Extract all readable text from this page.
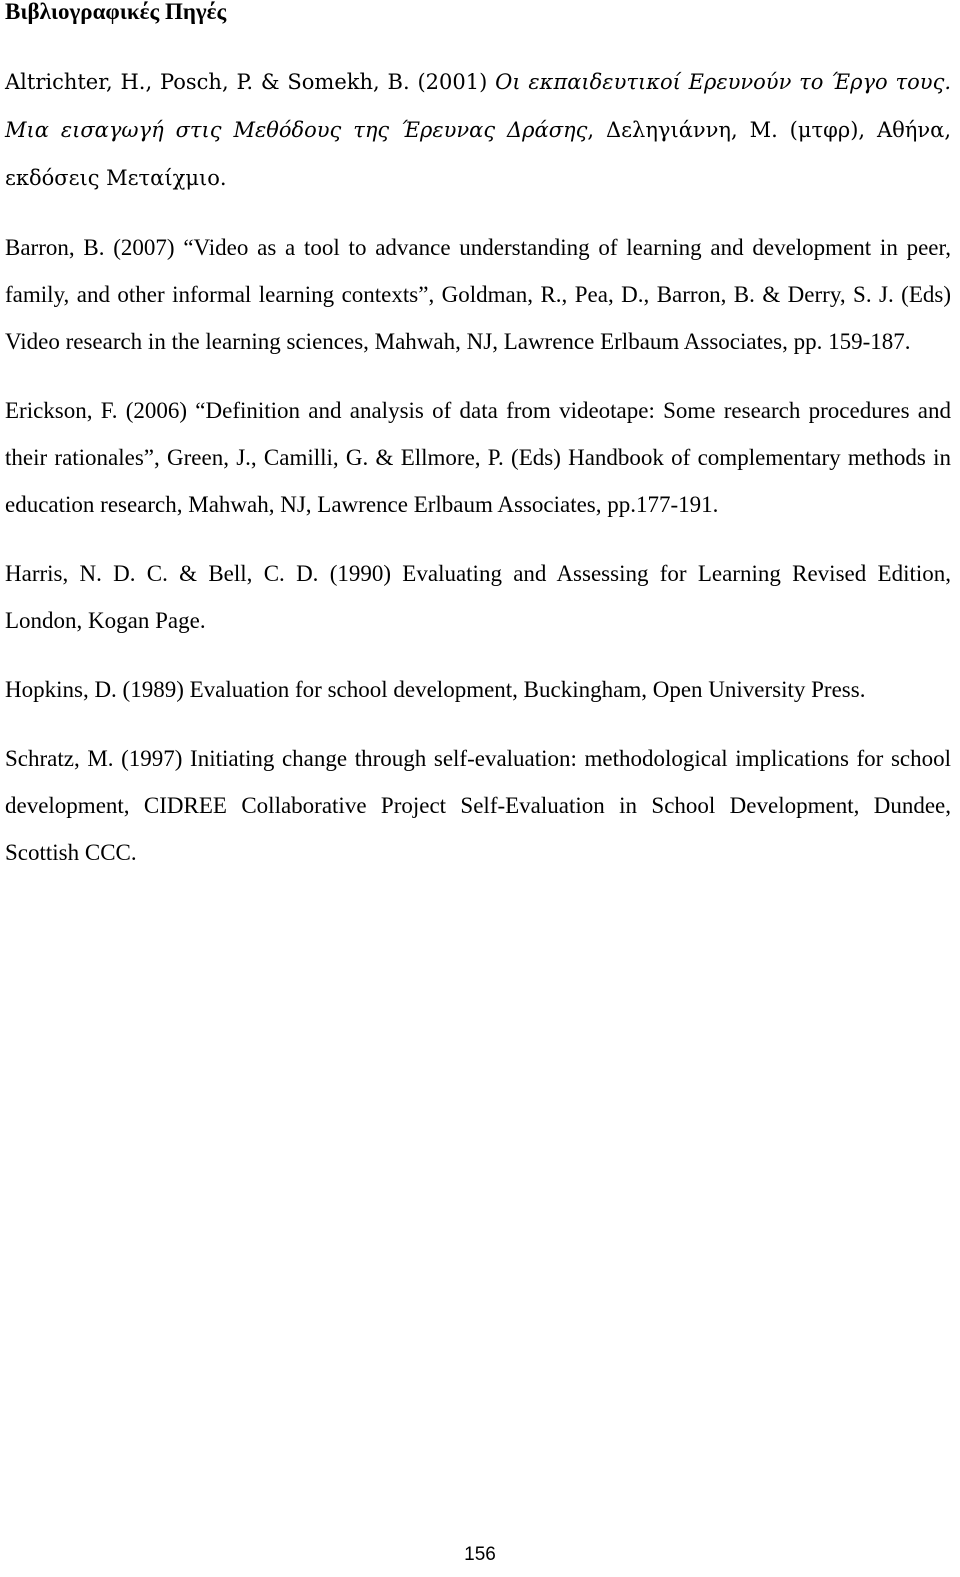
Βιβλιογραφικές Πηγές

Altrichter, H., Posch, P. & Somekh, B. (2001) Οι εκπαιδευτικοί Ερευνούν το Έργο τους. Μια εισαγωγή στις Μεθόδους της Έρευνας Δράσης, Δεληγιάννη, Μ. (μτφρ), Αθήνα, εκδόσεις Μεταίχμιο.

Barron, B. (2007) “Video as a tool to advance understanding of learning and development in peer, family, and other informal learning contexts”, Goldman, R., Pea, D., Barron, B. & Derry, S. J. (Eds) Video research in the learning sciences, Mahwah, NJ, Lawrence Erlbaum Associates, pp. 159-187.

Erickson, F. (2006) “Definition and analysis of data from videotape: Some research procedures and their rationales”, Green, J., Camilli, G. & Ellmore, P. (Eds) Handbook of complementary methods in education research, Mahwah, NJ, Lawrence Erlbaum Associates, pp.177-191.

Harris, N. D. C. & Bell, C. D. (1990) Evaluating and Assessing for Learning Revised Edition, London, Kogan Page.

Hopkins, D. (1989) Evaluation for school development, Buckingham, Open University Press.

Schratz, M. (1997) Initiating change through self-evaluation: methodological implications for school development, CIDREE Collaborative Project Self-Evaluation in School Development, Dundee, Scottish CCC.

156
